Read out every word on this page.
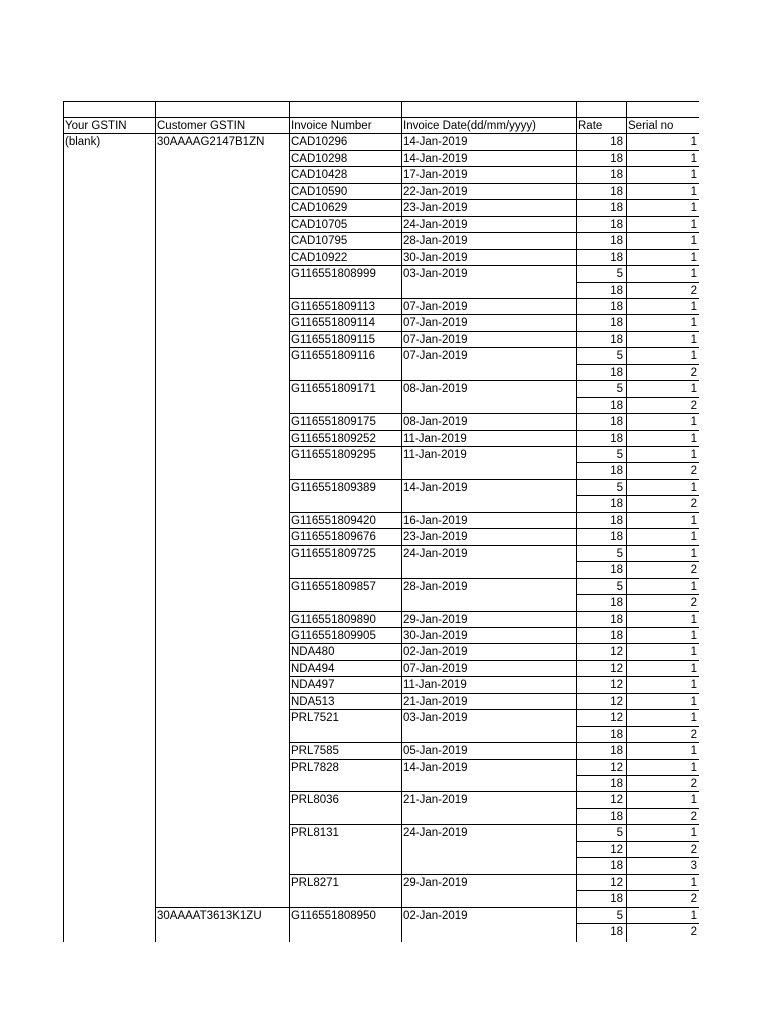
Your GSTIN	Customer GSTIN	Invoice Number	Invoice Date(dd/mm/yyyy)	Rate	Serial no
(blank)	30AAAAG2147B1ZN	CAD10296	14-Jan-2019	18	1
CAD10298	14-Jan-2019	18	1
CAD10428	17-Jan-2019	18	1
CAD10590	22-Jan-2019	18	1
CAD10629	23-Jan-2019	18	1
CAD10705	24-Jan-2019	18	1
CAD10795	28-Jan-2019	18	1
CAD10922	30-Jan-2019	18	1
G116551808999	03-Jan-2019	5	1
18	2
G116551809113	07-Jan-2019	18	1
G116551809114	07-Jan-2019	18	1
G116551809115	07-Jan-2019	18	1
G116551809116	07-Jan-2019	5	1
18	2
G116551809171	08-Jan-2019	5	1
18	2
G116551809175	08-Jan-2019	18	1
G116551809252	11-Jan-2019	18	1
G116551809295	11-Jan-2019	5	1
18	2
G116551809389	14-Jan-2019	5	1
18	2
G116551809420	16-Jan-2019	18	1
G116551809676	23-Jan-2019	18	1
G116551809725	24-Jan-2019	5	1
18	2
G116551809857	28-Jan-2019	5	1
18	2
G116551809890	29-Jan-2019	18	1
G116551809905	30-Jan-2019	18	1
NDA480	02-Jan-2019	12	1
NDA494	07-Jan-2019	12	1
NDA497	11-Jan-2019	12	1
NDA513	21-Jan-2019	12	1
PRL7521	03-Jan-2019	12	1
18	2
PRL7585	05-Jan-2019	18	1
PRL7828	14-Jan-2019	12	1
18	2
PRL8036	21-Jan-2019	12	1
18	2
PRL8131	24-Jan-2019	5	1
12	2
18	3
PRL8271	29-Jan-2019	12	1
18	2
30AAAAT3613K1ZU	G116551808950	02-Jan-2019	5	1
18	2
